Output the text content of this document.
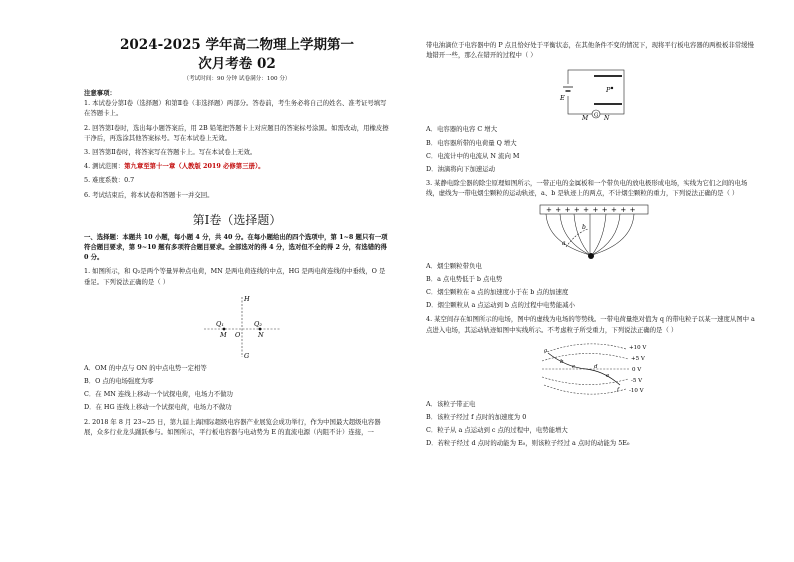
2024-2025 学年高二物理上学期第一
次月考卷 02
（考试时间：90 分钟 试卷满分：100 分）
注意事项：
1. 本试卷分第Ⅰ卷（选择题）和第Ⅱ卷（非选择题）两部分。答卷前，考生务必将自己的姓名、准考证号填写在答题卡上。
2. 回答第Ⅰ卷时，选出每小题答案后，用 2B 铅笔把答题卡上对应题目的答案标号涂黑。如需改动，用橡皮擦干净后，再选涂其他答案标号。写在本试卷上无效。
3. 回答第Ⅱ卷时，将答案写在答题卡上。写在本试卷上无效。
4. 测试范围：第九章至第十一章（人教版 2019 必修第三册）。
5. 难度系数：0.7
6. 考试结束后，将本试卷和答题卡一并交回。
第Ⅰ卷（选择题）
一、选择题：本题共 10 小题，每小题 4 分，共 40 分。在每小题给出的四个选项中，第 1~8 题只有一项符合题目要求，第 9~10 题有多项符合题目要求。全部选对的得 4 分，选对但不全的得 2 分，有选错的得 0 分。
1. 如图所示，和 Q₂是两个等量异种点电荷，MN 是两电荷连线的中点，HG 是两电荷连线的中垂线，O 是垂足。下列说法正确的是（ ）
H
G
O
Q₁	Q₂
M	N
A．OM 的中点与 ON 的中点电势一定相等
B．O 点的电场强度为零
C．在 MN 连线上移动一个试探电荷，电场力不做功
D．在 HG 连线上移动一个试探电荷，电场力不做功
2. 2018 年 8 月 23~25 日，第九届上海国际超级电容器产业展览会成功举行，作为中国最大超级电容器展，众多行业龙头踊跃参与。如图所示，平行板电容器与电动势为 E 的直流电源（内阻不计）连接，一
带电油滴位于电容器中的 P 点且恰好处于平衡状态，在其他条件不变的情况下，现将平行板电容器的两极板非常缓慢地错开一些，那么在错开的过程中（ ）
G
E
P
M	N
A．电容器的电容 C 增大
B．电容器所带的电荷量 Q 增大
C．电流计中的电流从 N 流向 M
D．油滴将向下加速运动
3. 某静电除尘器的除尘原理如图所示，一带正电的金属板和一个带负电的放电极形成电场，实线为它们之间的电场线，虚线为一带电烟尘颗粒的运动轨迹，a、b 是轨迹上的两点，不计烟尘颗粒的重力，下列说法正确的是（ ）
+ + + + + + + + + +
a
b
A．烟尘颗粒带负电
B．a 点电势低于 b 点电势
C．烟尘颗粒在 a 点的加速度小于在 b 点的加速度
D．烟尘颗粒从 a 点运动到 b 点的过程中电势能减小
4. 某空间存在如图所示的电场，图中的虚线为电场的等势线。一带电荷量绝对值为 q 的带电粒子以某一速度从图中 a 点进入电场，其运动轨迹如图中实线所示。不考虑粒子所受重力，下列说法正确的是（ ）
+10 V
+5 V
0 V
-5 V
-10 V
a
b
c	d
e
f
A．该粒子带正电
B．该粒子经过 f 点时的加速度为 0
C．粒子从 a 点运动到 c 点的过程中，电势能增大
D．若粒子经过 d 点时的动能为 E₀，则该粒子经过 a 点时的动能为 5E₀
